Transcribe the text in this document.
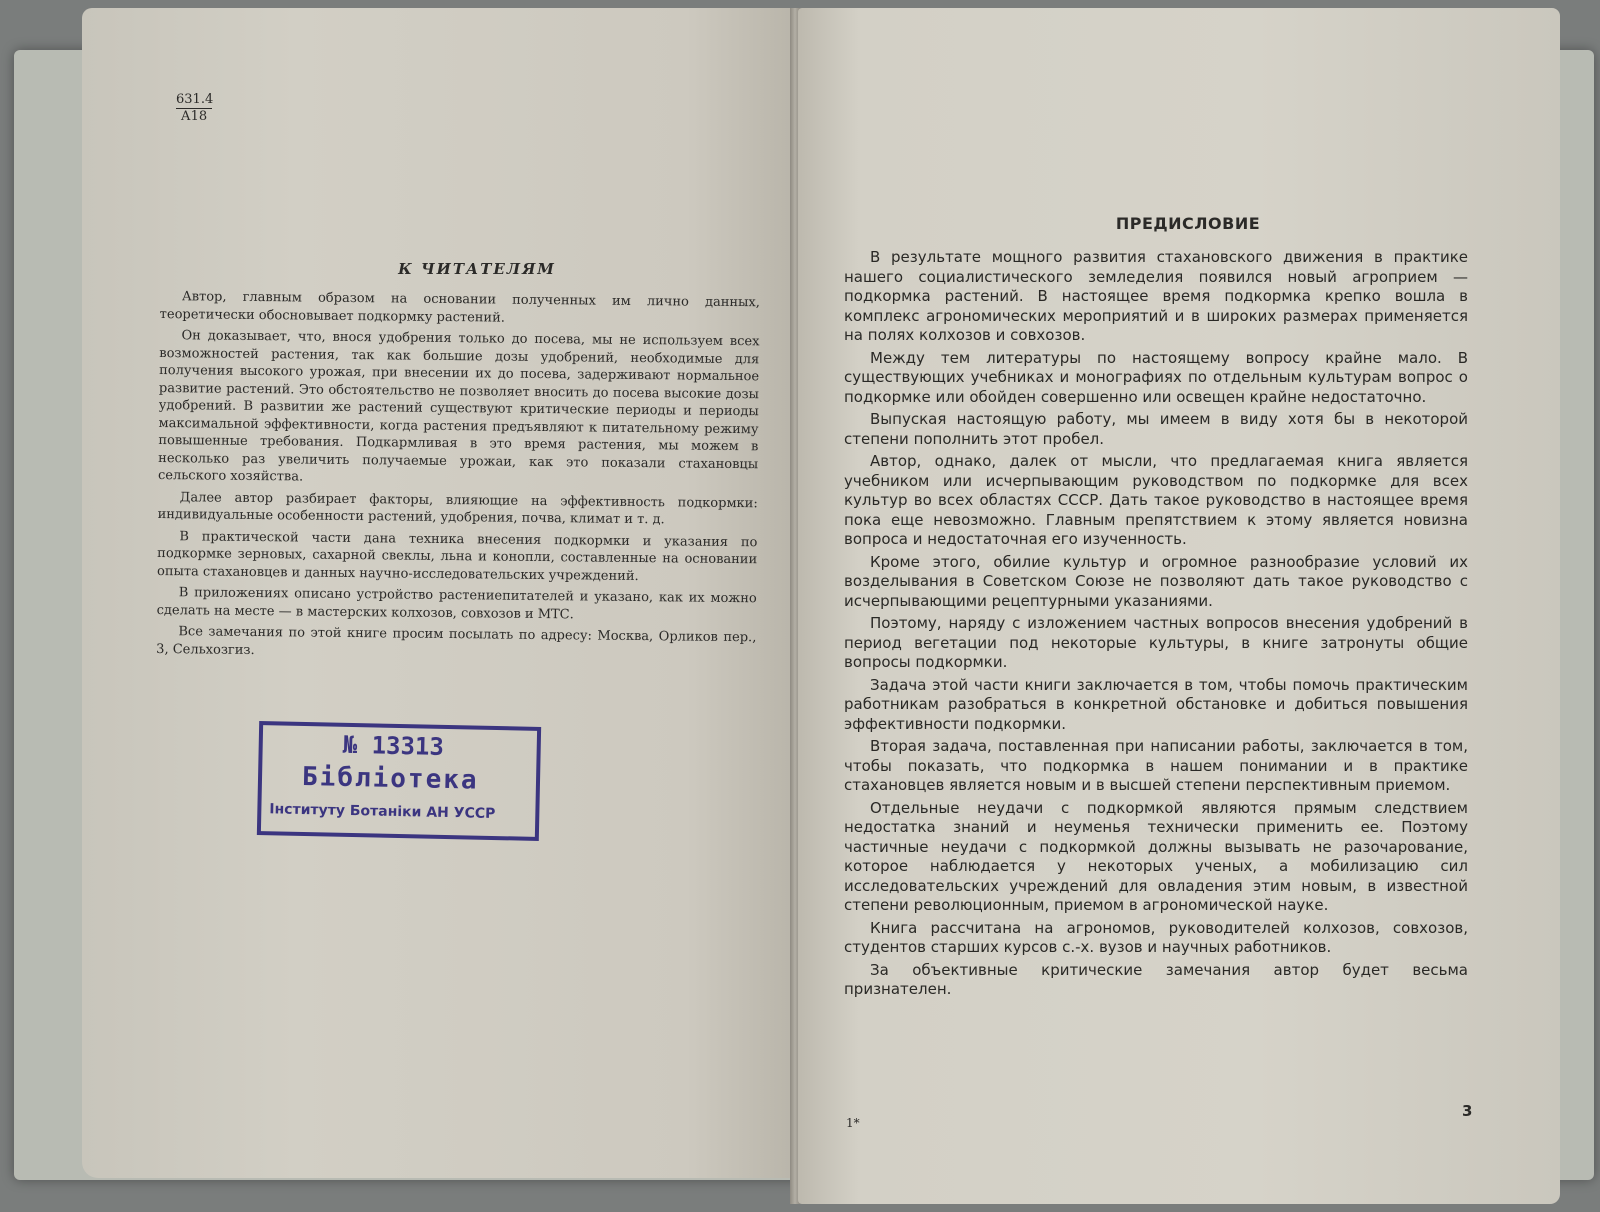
631.4
А18
К ЧИТАТЕЛЯМ

Автор, главным образом на основании полученных им лично данных, теоретически обосновывает подкормку растений.

Он доказывает, что, внося удобрения только до посева, мы не используем всех возможностей растения, так как большие дозы удобрений, необходимые для получения высокого урожая, при внесении их до посева, задерживают нормальное развитие растений. Это обстоятельство не позволяет вносить до посева высокие дозы удобрений. В развитии же растений существуют критические периоды и периоды максимальной эффективности, когда растения предъявляют к питательному режиму повышенные требования. Подкармливая в это время растения, мы можем в несколько раз увеличить получаемые урожаи, как это показали стахановцы сельского хозяйства.

Далее автор разбирает факторы, влияющие на эффективность подкормки: индивидуальные особенности растений, удобрения, почва, климат и т. д.

В практической части дана техника внесения подкормки и указания по подкормке зерновых, сахарной свеклы, льна и конопли, составленные на основании опыта стахановцев и данных научно-исследовательских учреждений.

В приложениях описано устройство растениепитателей и указано, как их можно сделать на месте — в мастерских колхозов, совхозов и МТС.

Все замечания по этой книге просим посылать по адресу: Москва, Орликов пер., 3, Сельхозгиз.

№ 13313
Бібліотека
Інституту Ботаніки АН УССР
ПРЕДИСЛОВИЕ

В результате мощного развития стахановского движения в практике нашего социалистического земледелия появился новый агроприем — подкормка растений. В настоящее время подкормка крепко вошла в комплекс агрономических мероприятий и в широких размерах применяется на полях колхозов и совхозов.

Между тем литературы по настоящему вопросу крайне мало. В существующих учебниках и монографиях по отдельным культурам вопрос о подкормке или обойден совершенно или освещен крайне недостаточно.

Выпуская настоящую работу, мы имеем в виду хотя бы в некоторой степени пополнить этот пробел.

Автор, однако, далек от мысли, что предлагаемая книга является учебником или исчерпывающим руководством по подкормке для всех культур во всех областях СССР. Дать такое руководство в настоящее время пока еще невозможно. Главным препятствием к этому является новизна вопроса и недостаточная его изученность.

Кроме этого, обилие культур и огромное разнообразие условий их возделывания в Советском Союзе не позволяют дать такое руководство с исчерпывающими рецептурными указаниями.

Поэтому, наряду с изложением частных вопросов внесения удобрений в период вегетации под некоторые культуры, в книге затронуты общие вопросы подкормки.

Задача этой части книги заключается в том, чтобы помочь практическим работникам разобраться в конкретной обстановке и добиться повышения эффективности подкормки.

Вторая задача, поставленная при написании работы, заключается в том, чтобы показать, что подкормка в нашем понимании и в практике стахановцев является новым и в высшей степени перспективным приемом.

Отдельные неудачи с подкормкой являются прямым следствием недостатка знаний и неуменья технически применить ее. Поэтому частичные неудачи с подкормкой должны вызывать не разочарование, которое наблюдается у некоторых ученых, а мобилизацию сил исследовательских учреждений для овладения этим новым, в известной степени революционным, приемом в агрономической науке.

Книга рассчитана на агрономов, руководителей колхозов, совхозов, студентов старших курсов с.-х. вузов и научных работников.

За объективные критические замечания автор будет весьма признателен.

1*
3
